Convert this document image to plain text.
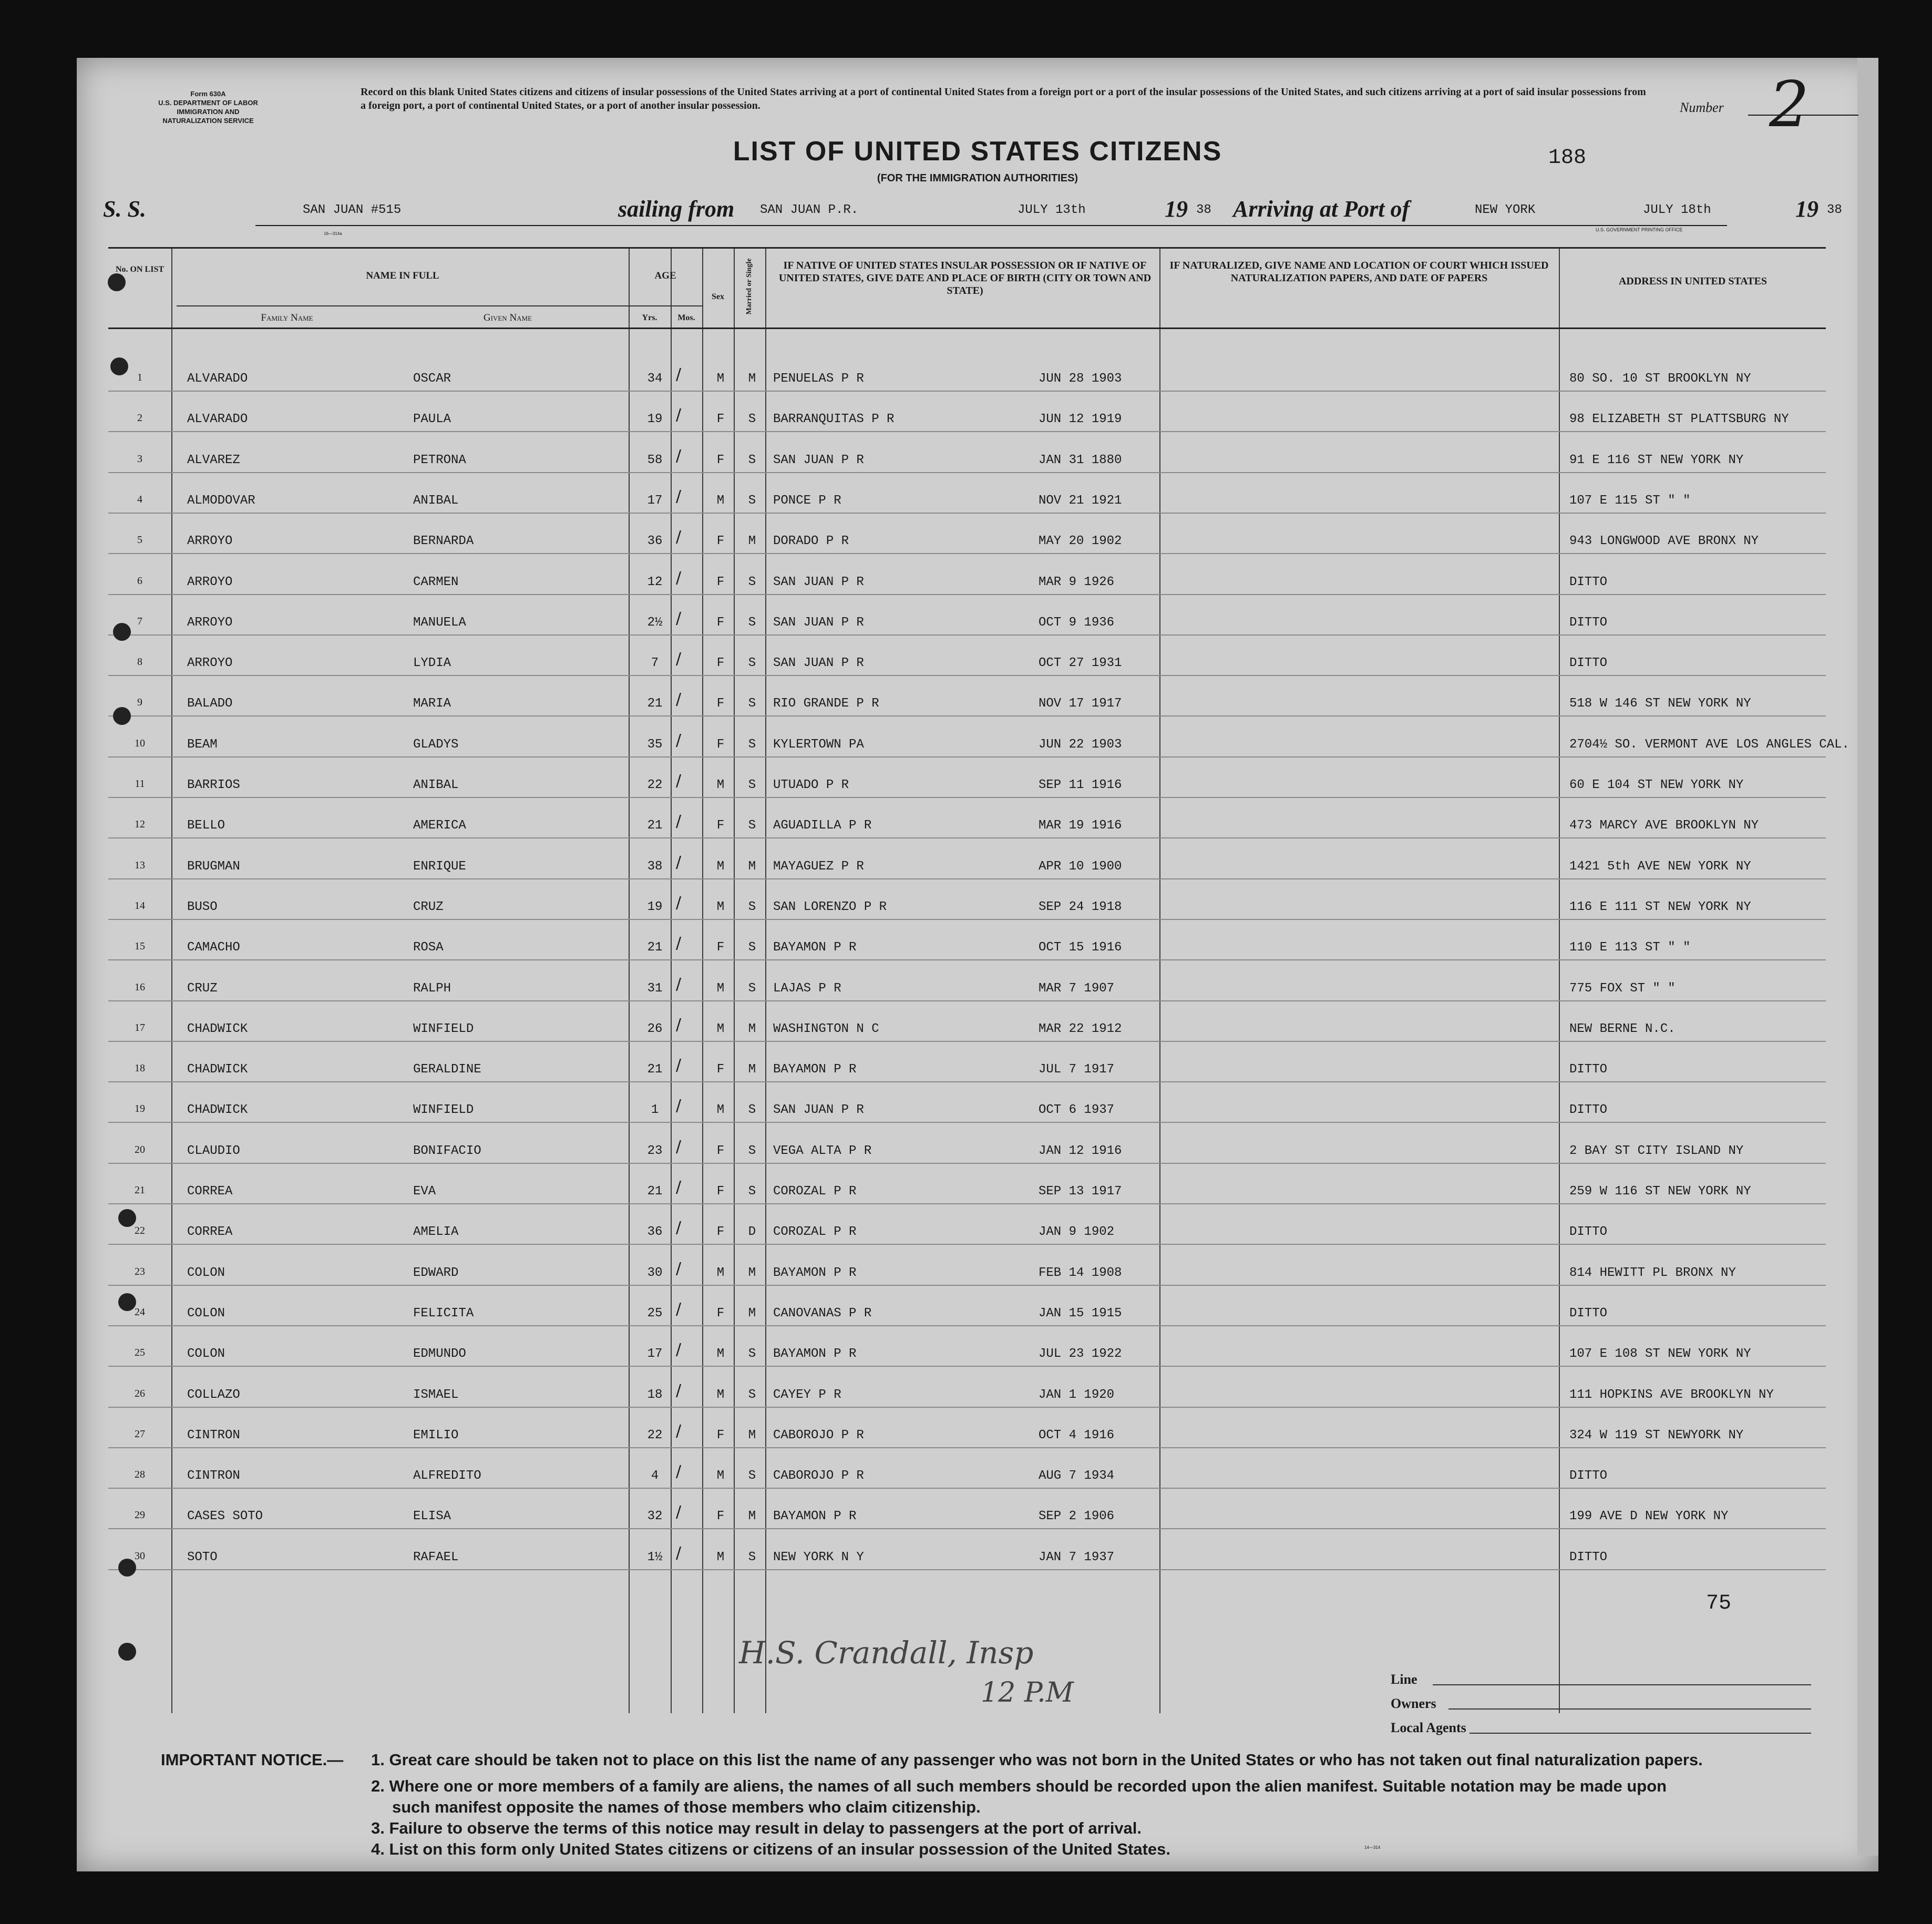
Form 630A
U.S. DEPARTMENT OF LABOR
IMMIGRATION AND
NATURALIZATION SERVICE
Record on this blank United States citizens and citizens of insular possessions of the United States arriving at a port of continental United States from a foreign port or a port of the insular possessions of the United States, and such citizens arriving at a port of said insular possessions from a foreign port, a port of continental United States, or a port of another insular possession.	Number 2
LIST OF UNITED STATES CITIZENS
(FOR THE IMMIGRATION AUTHORITIES)
188
S. S.	SAN JUAN #515	sailing from SAN JUAN P.R.	JULY 13th	19 38 Arriving at Port of	NEW YORK	JULY 18th	19 38
U.S. GOVERNMENT PRINTING OFFICE
16—314a
No. ON LIST
NAME IN FULL
Family Name	Given Name
AGE
Yrs.	Mos.
Sex	Married or Single	IF NATIVE OF UNITED STATES INSULAR POSSESSION OR IF NATIVE OF UNITED STATES, GIVE DATE AND PLACE OF BIRTH (CITY OR TOWN AND STATE)
IF NATURALIZED, GIVE NAME AND LOCATION OF COURT WHICH ISSUED NATURALIZATION PAPERS, AND DATE OF PAPERS	ADDRESS IN UNITED STATES
1	ALVARADO	OSCAR	34	M	M	PENUELAS P R	JUN 28 1903	80 SO. 10 ST BROOKLYN NY
/
2	ALVARADO	PAULA	19	F	S	BARRANQUITAS P R	JUN 12 1919	98 ELIZABETH ST PLATTSBURG NY
/
3	ALVAREZ	PETRONA	58	F	S	SAN JUAN P R	JAN 31 1880	91 E 116 ST NEW YORK NY
/
4	ALMODOVAR	ANIBAL	17	M	S	PONCE P R	NOV 21 1921	107 E 115 ST " "
/
5	ARROYO	BERNARDA	36	F	M	DORADO P R	MAY 20 1902	943 LONGWOOD AVE BRONX NY
/
6	ARROYO	CARMEN	12	F	S	SAN JUAN P R	MAR 9 1926	DITTO
/
7	ARROYO	MANUELA	2½	F	S	SAN JUAN P R	OCT 9 1936	DITTO
/
8	ARROYO	LYDIA	7	F	S	SAN JUAN P R	OCT 27 1931	DITTO
/
9	BALADO	MARIA	21	F	S	RIO GRANDE P R	NOV 17 1917	518 W 146 ST NEW YORK NY
/
10	BEAM	GLADYS	35	F	S	KYLERTOWN PA	JUN 22 1903	2704½ SO. VERMONT AVE LOS ANGLES CAL.
/
11	BARRIOS	ANIBAL	22	M	S	UTUADO P R	SEP 11 1916	60 E 104 ST NEW YORK NY
/
12	BELLO	AMERICA	21	F	S	AGUADILLA P R	MAR 19 1916	473 MARCY AVE BROOKLYN NY
/
13	BRUGMAN	ENRIQUE	38	M	M	MAYAGUEZ P R	APR 10 1900	1421 5th AVE NEW YORK NY
/
14	BUSO	CRUZ	19	M	S	SAN LORENZO P R	SEP 24 1918	116 E 111 ST NEW YORK NY
/
15	CAMACHO	ROSA	21	F	S	BAYAMON P R	OCT 15 1916	110 E 113 ST " "
/
16	CRUZ	RALPH	31	M	S	LAJAS P R	MAR 7 1907	775 FOX ST " "
/
17	CHADWICK	WINFIELD	26	M	M	WASHINGTON N C	MAR 22 1912	NEW BERNE N.C.
/
18	CHADWICK	GERALDINE	21	F	M	BAYAMON P R	JUL 7 1917	DITTO
/
19	CHADWICK	WINFIELD	1	M	S	SAN JUAN P R	OCT 6 1937	DITTO
/
20	CLAUDIO	BONIFACIO	23	F	S	VEGA ALTA P R	JAN 12 1916	2 BAY ST CITY ISLAND NY
/
21	CORREA	EVA	21	F	S	COROZAL P R	SEP 13 1917	259 W 116 ST NEW YORK NY
/
22	CORREA	AMELIA	36	F	D	COROZAL P R	JAN 9 1902	DITTO
/
23	COLON	EDWARD	30	M	M	BAYAMON P R	FEB 14 1908	814 HEWITT PL BRONX NY
/
24	COLON	FELICITA	25	F	M	CANOVANAS P R	JAN 15 1915	DITTO
/
25	COLON	EDMUNDO	17	M	S	BAYAMON P R	JUL 23 1922	107 E 108 ST NEW YORK NY
/
26	COLLAZO	ISMAEL	18	M	S	CAYEY P R	JAN 1 1920	111 HOPKINS AVE BROOKLYN NY
/
27	CINTRON	EMILIO	22	F	M	CABOROJO P R	OCT 4 1916	324 W 119 ST NEWYORK NY
/
28	CINTRON	ALFREDITO	4	M	S	CABOROJO P R	AUG 7 1934	DITTO
/
29	CASES SOTO	ELISA	32	F	M	BAYAMON P R	SEP 2 1906	199 AVE D NEW YORK NY
/
30	SOTO	RAFAEL	1½	M	S	NEW YORK N Y	JAN 7 1937	DITTO
/
H.S. Crandall, Insp
12 P.M
75
Line
Owners
Local Agents
IMPORTANT NOTICE.— 1. Great care should be taken not to place on this list the name of any passenger who was not born in the United States or who has not taken out final naturalization papers.
2. Where one or more members of a family are aliens, the names of all such members should be recorded upon the alien manifest. Suitable notation may be made upon
such manifest opposite the names of those members who claim citizenship.
3. Failure to observe the terms of this notice may result in delay to passengers at the port of arrival.
4. List on this form only United States citizens or citizens of an insular possession of the United States.	14—314
